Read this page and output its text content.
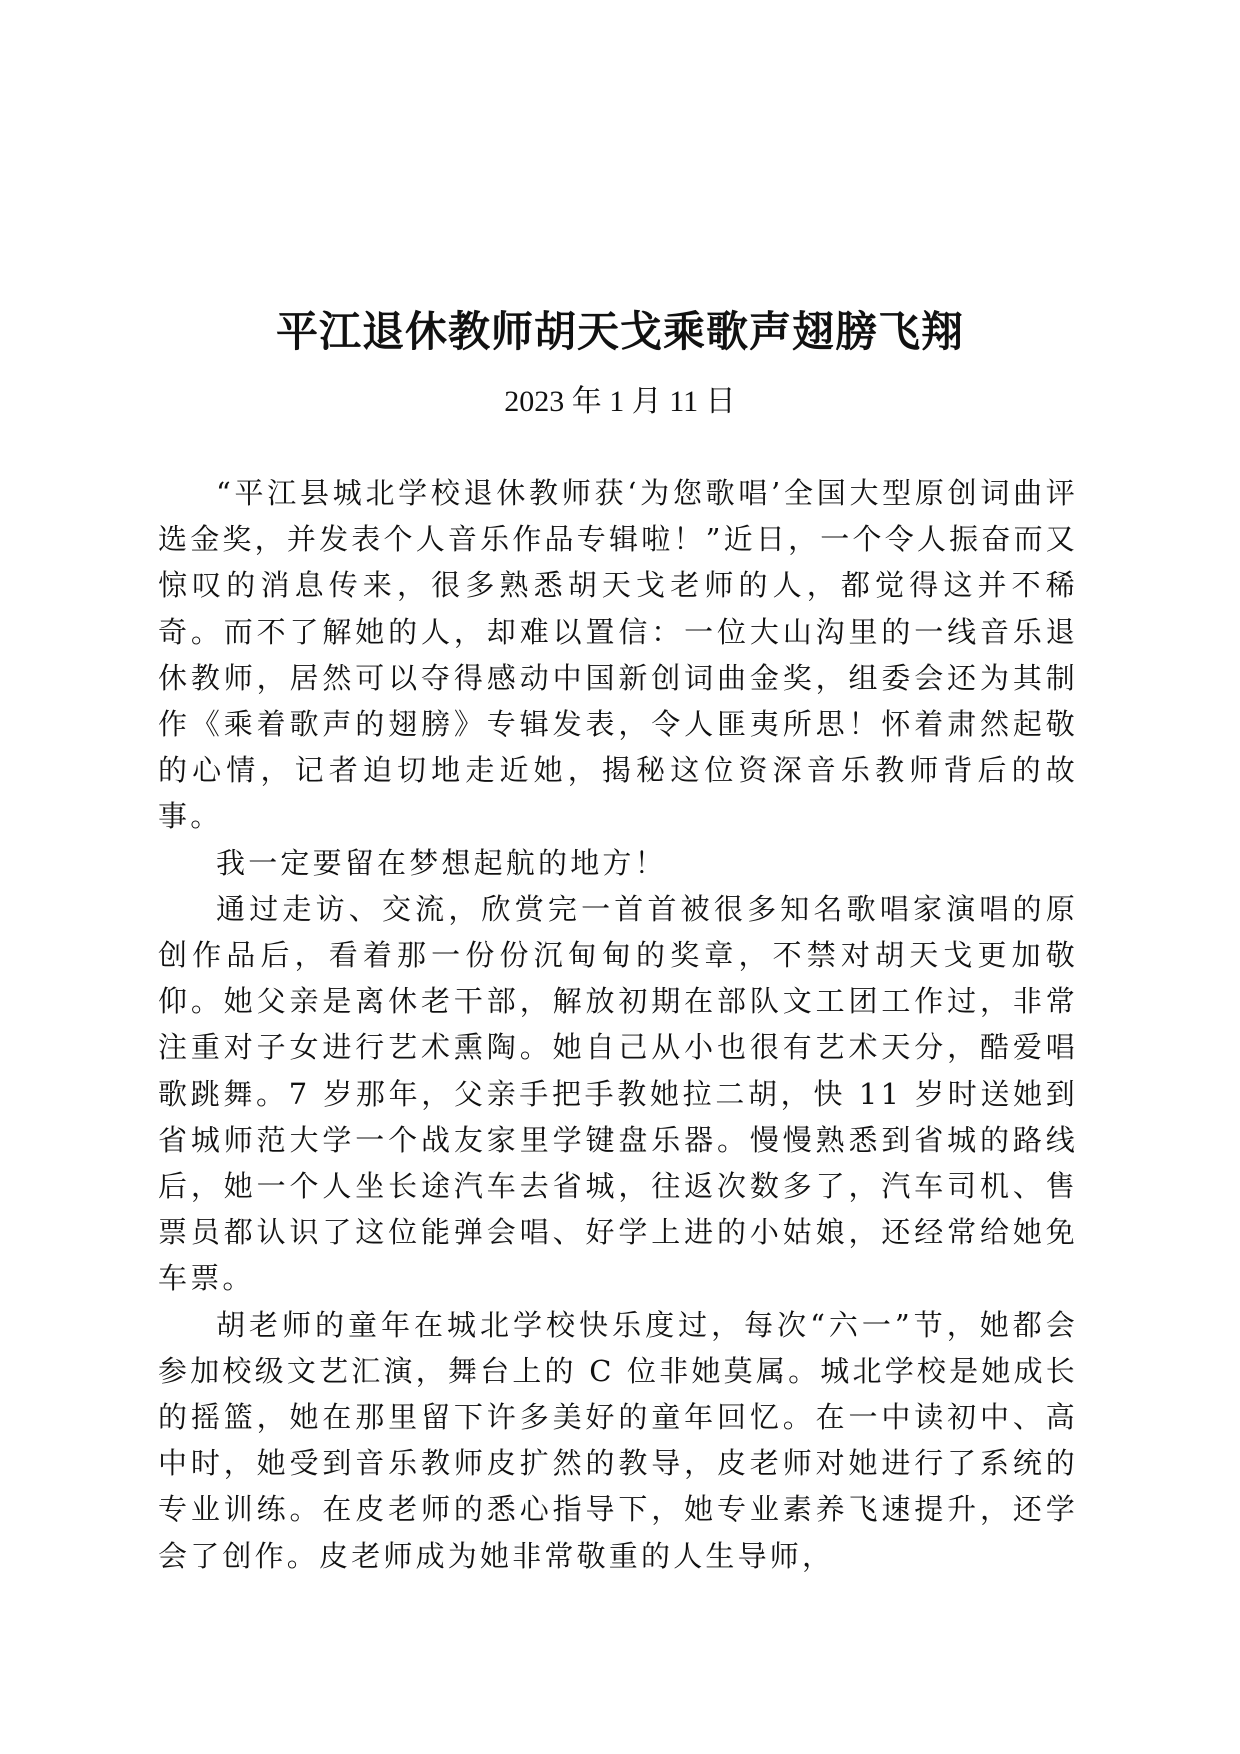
平江退休教师胡天戈乘歌声翅膀飞翔
2023 年 1 月 11 日

“平江县城北学校退休教师获‘为您歌唱’全国大型原创词曲评选金奖，并发表个人音乐作品专辑啦！”近日，一个令人振奋而又惊叹的消息传来，很多熟悉胡天戈老师的人，都觉得这并不稀奇。而不了解她的人，却难以置信：一位大山沟里的一线音乐退休教师，居然可以夺得感动中国新创词曲金奖，组委会还为其制作《乘着歌声的翅膀》专辑发表，令人匪夷所思！怀着肃然起敬的心情，记者迫切地走近她，揭秘这位资深音乐教师背后的故事。

我一定要留在梦想起航的地方！

通过走访、交流，欣赏完一首首被很多知名歌唱家演唱的原创作品后，看着那一份份沉甸甸的奖章，不禁对胡天戈更加敬仰。她父亲是离休老干部，解放初期在部队文工团工作过，非常注重对子女进行艺术熏陶。她自己从小也很有艺术天分，酷爱唱歌跳舞。7 岁那年，父亲手把手教她拉二胡，快 11 岁时送她到省城师范大学一个战友家里学键盘乐器。慢慢熟悉到省城的路线后，她一个人坐长途汽车去省城，往返次数多了，汽车司机、售票员都认识了这位能弹会唱、好学上进的小姑娘，还经常给她免车票。

胡老师的童年在城北学校快乐度过，每次“六一”节，她都会参加校级文艺汇演，舞台上的 C 位非她莫属。城北学校是她成长的摇篮，她在那里留下许多美好的童年回忆。在一中读初中、高中时，她受到音乐教师皮扩然的教导，皮老师对她进行了系统的专业训练。在皮老师的悉心指导下，她专业素养飞速提升，还学会了创作。皮老师成为她非常敬重的人生导师，
